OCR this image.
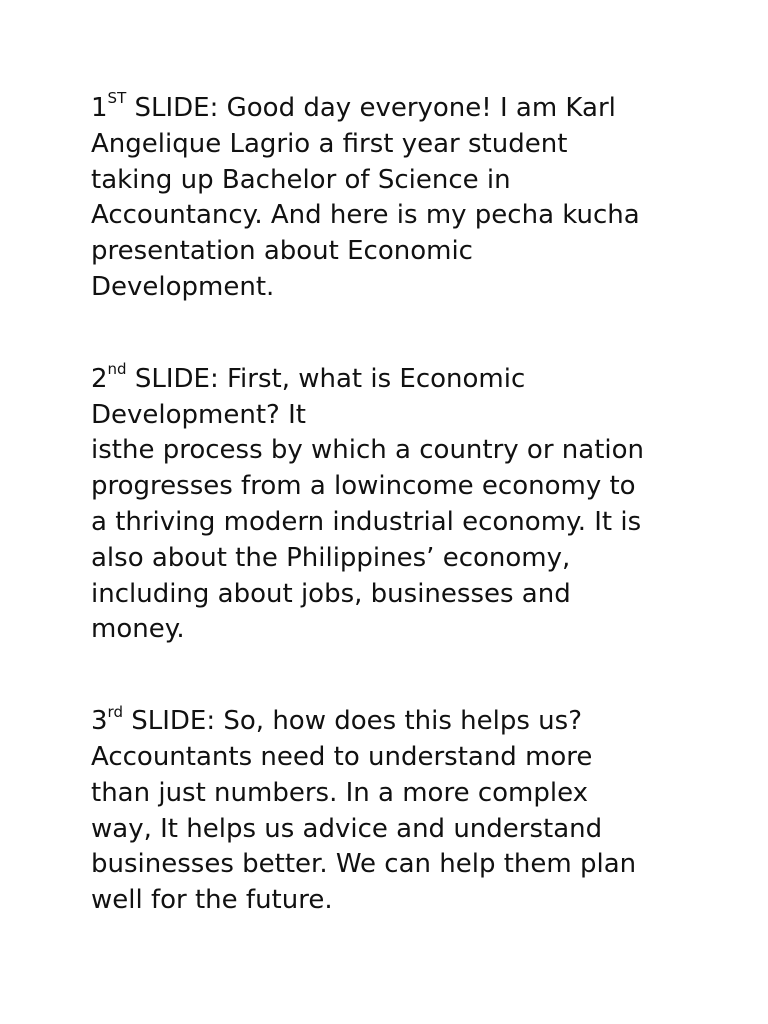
1ST SLIDE: Good day everyone! I am Karl
Angelique Lagrio a first year student
taking up Bachelor of Science in
Accountancy. And here is my pecha kucha
presentation about Economic
Development.

2nd SLIDE: First, what is Economic
Development? It
isthe process by which a country or nation
progresses from a lowincome economy to
a thriving modern industrial economy. It is
also about the Philippines’ economy,
including about jobs, businesses and
money.

3rd SLIDE: So, how does this helps us?
Accountants need to understand more
than just numbers. In a more complex
way, It helps us advice and understand
businesses better. We can help them plan
well for the future.
